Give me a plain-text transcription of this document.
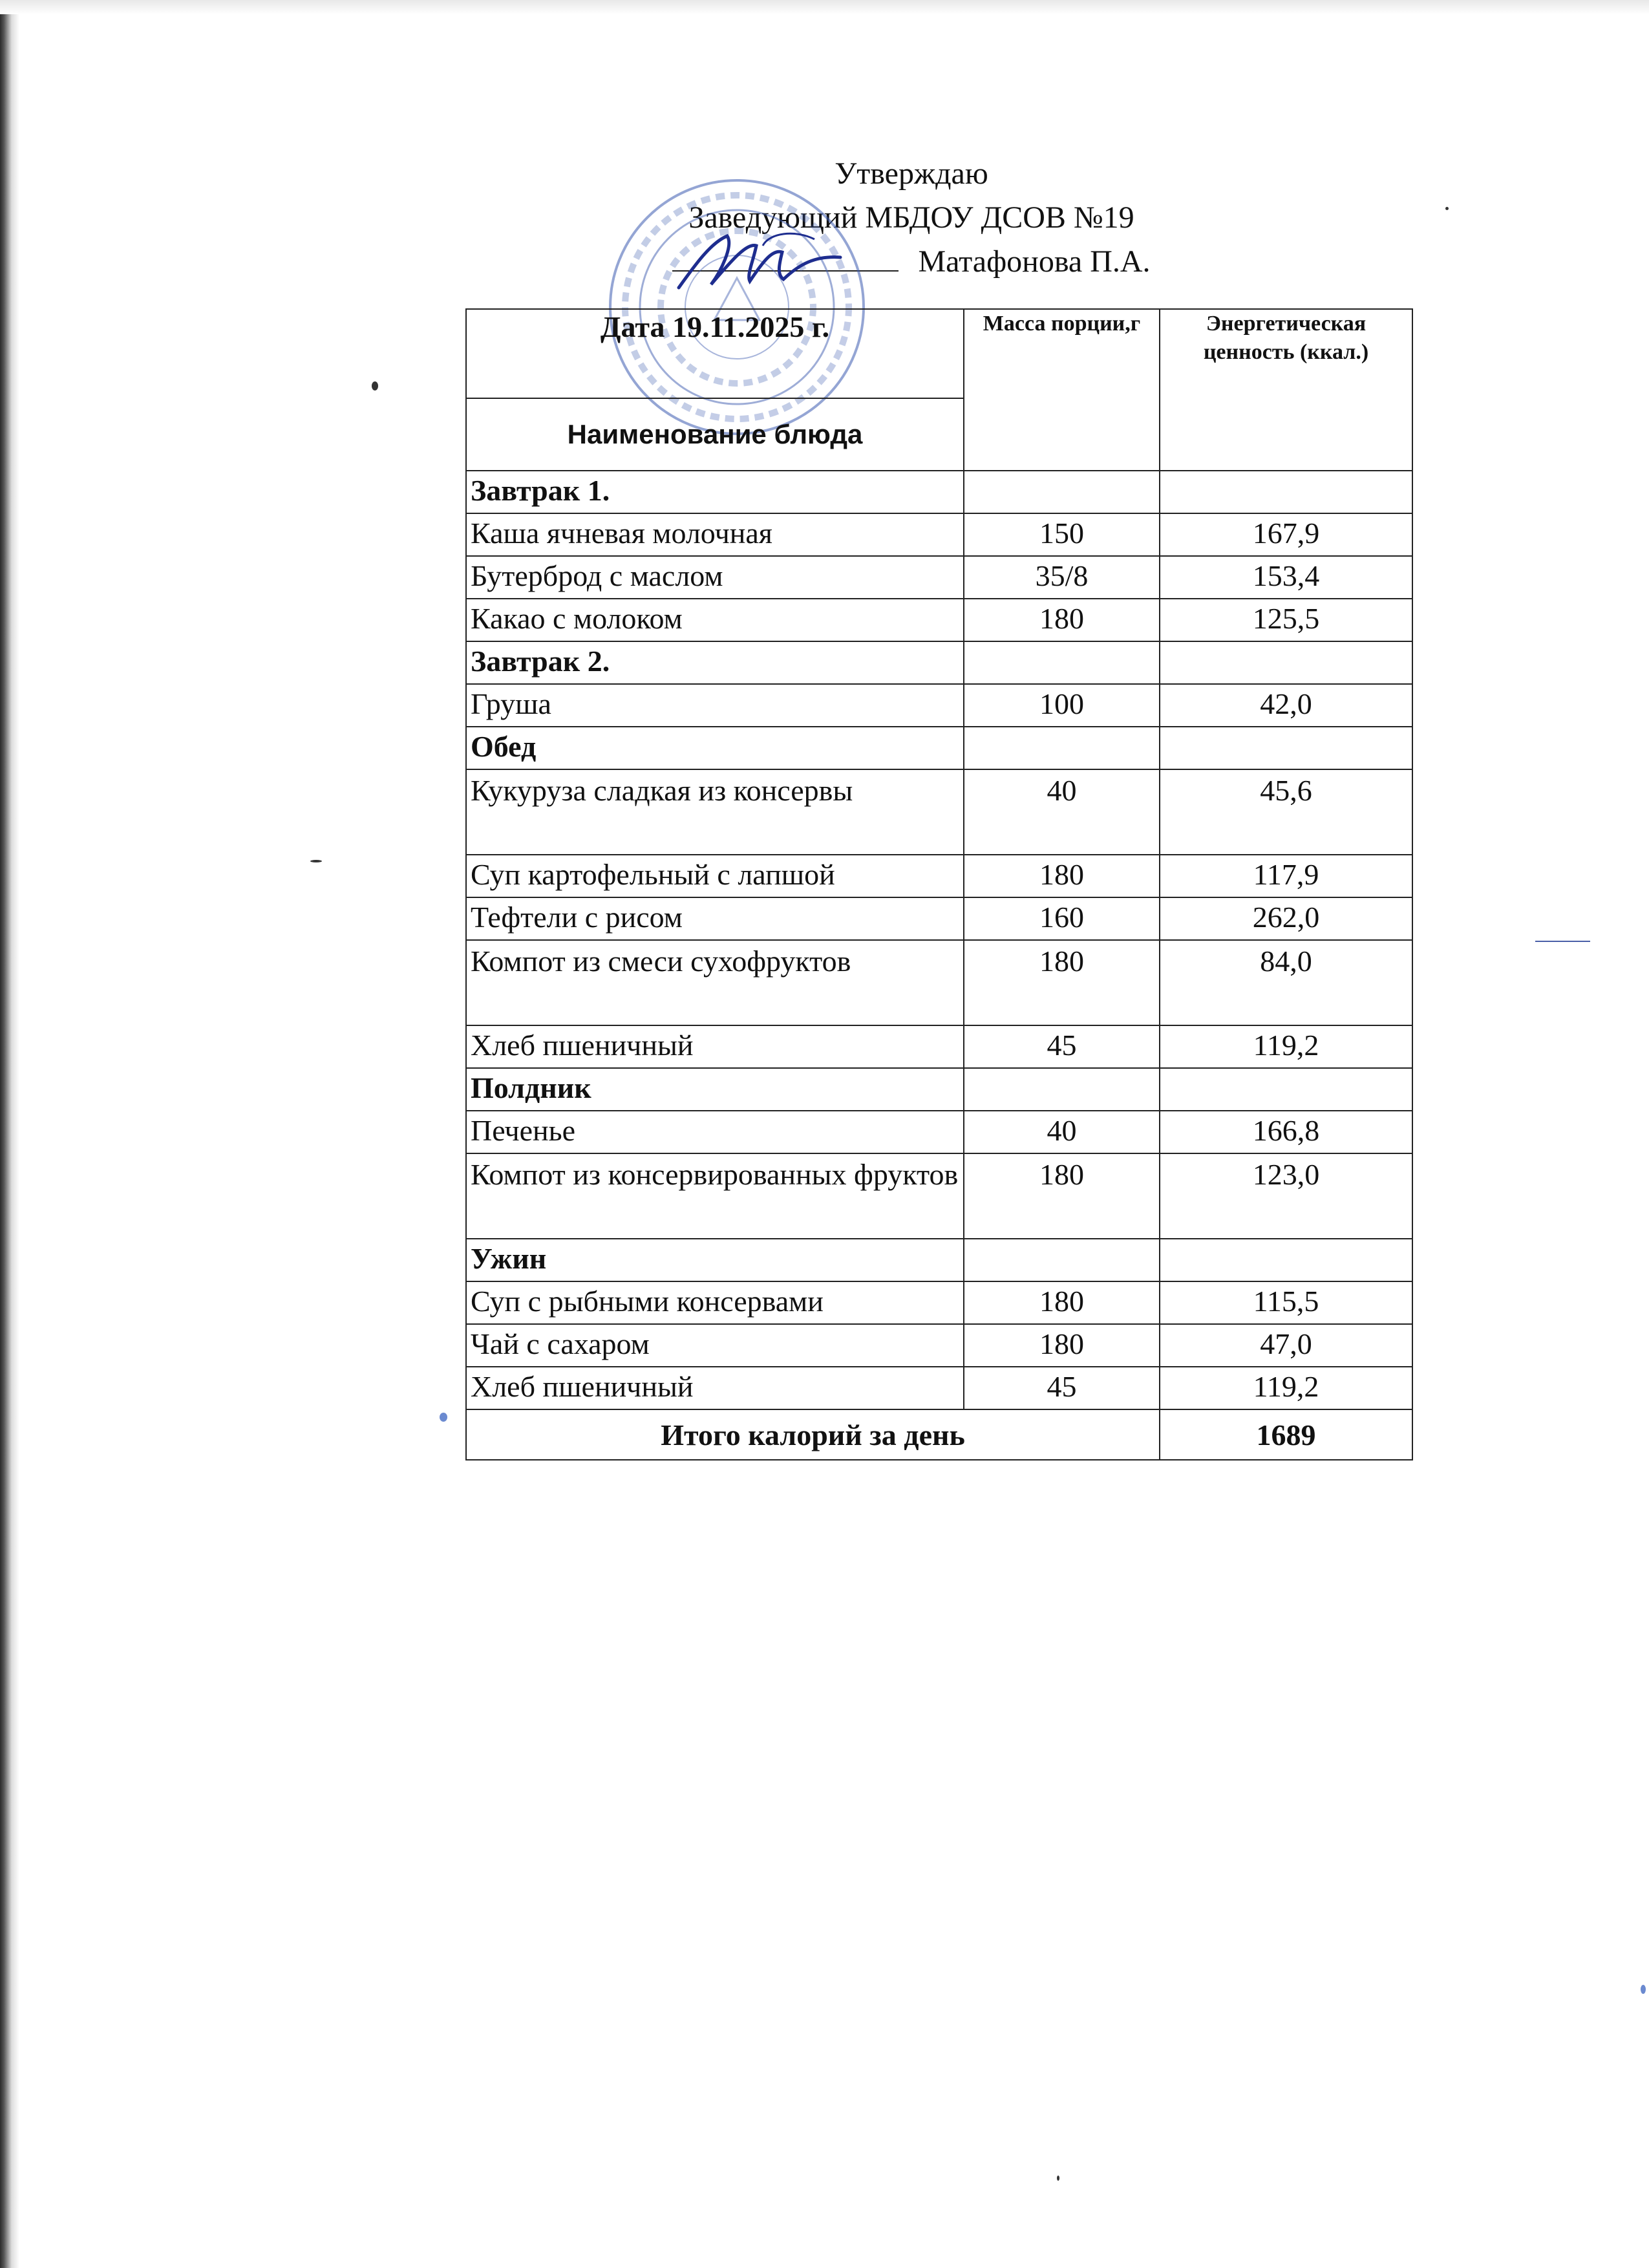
Утверждаю
Заведующий МБДОУ ДСОВ №19
Матафонова П.А.
Дата 19.11.2025 г.	Масса порции,г	Энергетическая ценность (ккал.)
Наименование блюда		
Завтрак 1.		
Каша ячневая молочная	150	167,9
Бутерброд с маслом	35/8	153,4
Какао с молоком	180	125,5
Завтрак 2.		
Груша	100	42,0
Обед		
Кукуруза сладкая из консервы	40	45,6
Суп картофельный с лапшой	180	117,9
Тефтели с рисом	160	262,0
Компот из смеси сухофруктов	180	84,0
Хлеб пшеничный	45	119,2
Полдник		
Печенье	40	166,8
Компот из консервированных фруктов	180	123,0
Ужин		
Суп с рыбными консервами	180	115,5
Чай с сахаром	180	47,0
Хлеб пшеничный	45	119,2
Итого калорий за день		1689
